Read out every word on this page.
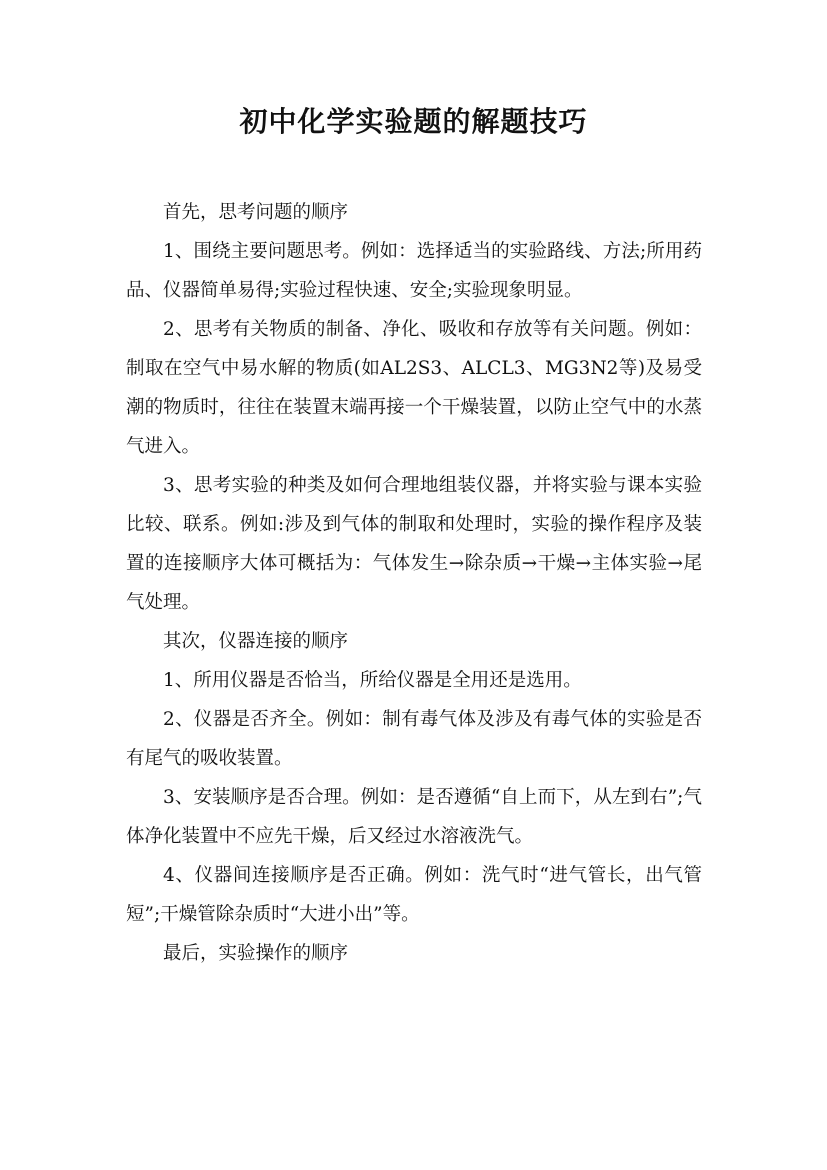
初中化学实验题的解题技巧

首先，思考问题的顺序

1、围绕主要问题思考。例如：选择适当的实验路线、方法;所用药品、仪器简单易得;实验过程快速、安全;实验现象明显。

2、思考有关物质的制备、净化、吸收和存放等有关问题。例如：制取在空气中易水解的物质(如AL2S3、ALCL3、MG3N2等)及易受潮的物质时，往往在装置末端再接一个干燥装置，以防止空气中的水蒸气进入。

3、思考实验的种类及如何合理地组装仪器，并将实验与课本实验比较、联系。例如:涉及到气体的制取和处理时，实验的操作程序及装置的连接顺序大体可概括为：气体发生→除杂质→干燥→主体实验→尾气处理。

其次，仪器连接的顺序

1、所用仪器是否恰当，所给仪器是全用还是选用。

2、仪器是否齐全。例如：制有毒气体及涉及有毒气体的实验是否有尾气的吸收装置。

3、安装顺序是否合理。例如：是否遵循“自上而下，从左到右”;气体净化装置中不应先干燥，后又经过水溶液洗气。

4、仪器间连接顺序是否正确。例如：洗气时“进气管长，出气管短”;干燥管除杂质时“大进小出”等。

最后，实验操作的顺序
